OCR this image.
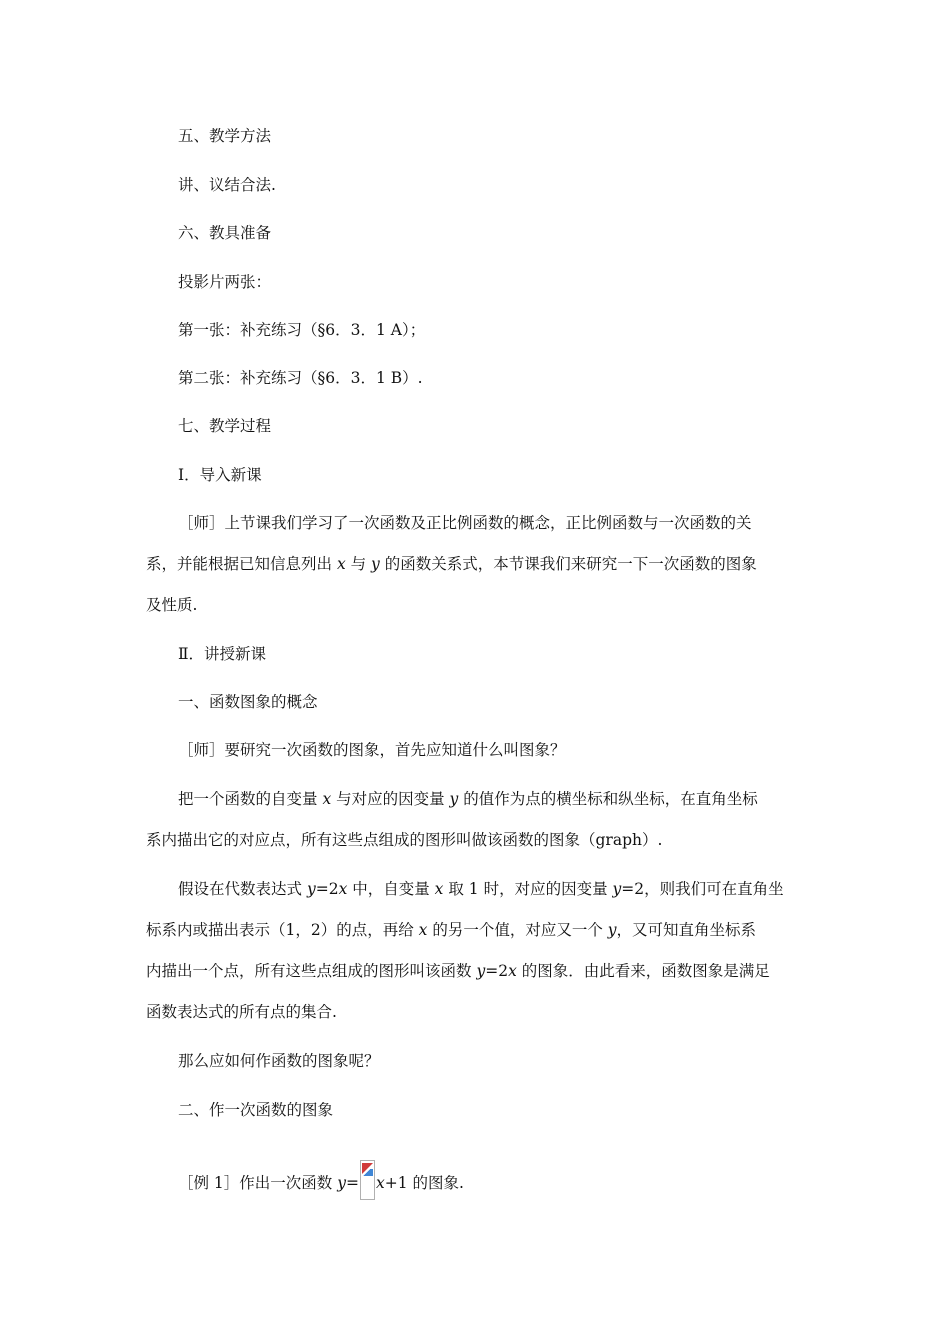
五、教学方法
讲、议结合法.
六、教具准备
投影片两张：
第一张：补充练习（§6．3．1 A）；
第二张：补充练习（§6．3．1 B）.
七、教学过程
Ⅰ．导入新课
［师］上节课我们学习了一次函数及正比例函数的概念，正比例函数与一次函数的关
系，并能根据已知信息列出 x 与 y 的函数关系式，本节课我们来研究一下一次函数的图象
及性质.
Ⅱ．讲授新课
一、函数图象的概念
［师］要研究一次函数的图象，首先应知道什么叫图象？
把一个函数的自变量 x 与对应的因变量 y 的值作为点的横坐标和纵坐标，在直角坐标
系内描出它的对应点，所有这些点组成的图形叫做该函数的图象（graph）.
假设在代数表达式 y=2x 中，自变量 x 取 1 时，对应的因变量 y=2，则我们可在直角坐
标系内或描出表示（1，2）的点，再给 x 的另一个值，对应又一个 y，又可知直角坐标系
内描出一个点，所有这些点组成的图形叫该函数 y=2x 的图象．由此看来，函数图象是满足
函数表达式的所有点的集合.
那么应如何作函数的图象呢？
二、作一次函数的图象
［例 1］作出一次函数 y= x+1 的图象.
